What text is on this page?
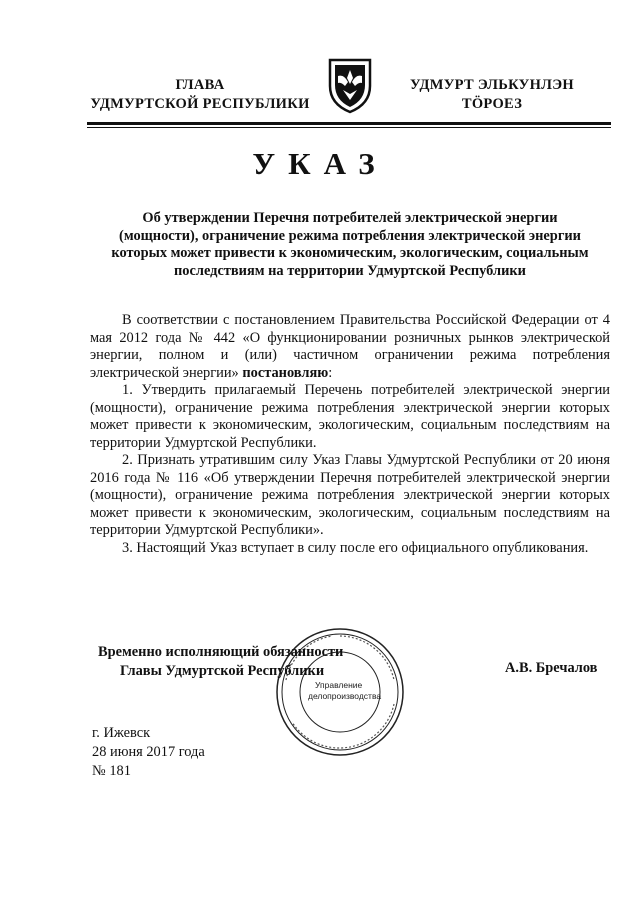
ГЛАВА
УДМУРТСКОЙ РЕСПУБЛИКИ
УДМУРТ ЭЛЬКУНЛЭН
ТӦРОЕЗ
УКАЗ
Об утверждении Перечня потребителей электрической энергии (мощности), ограничение режима потребления электрической энергии которых может привести к экономическим, экологическим, социальным последствиям на территории Удмуртской Республики

В соответствии с постановлением Правительства Российской Федерации от 4 мая 2012 года № 442 «О функционировании розничных рынков электрической энергии, полном и (или) частичном ограничении режима потребления электрической энергии» постановляю:

1. Утвердить прилагаемый Перечень потребителей электрической энергии (мощности), ограничение режима потребления электрической энергии которых может привести к экономическим, экологическим, социальным последствиям на территории Удмуртской Республики.

2. Признать утратившим силу Указ Главы Удмуртской Республики от 20 июня 2016 года № 116 «Об утверждении Перечня потребителей электрической энергии (мощности), ограничение режима потребления электрической энергии которых может привести к экономическим, экологическим, социальным последствиям на территории Удмуртской Республики».

3. Настоящий Указ вступает в силу после его официального опубликования.

Управление
делопроизводства
Временно исполняющий обязанности
Главы Удмуртской Республики	А.В. Бречалов
г. Ижевск
28 июня 2017 года
№ 181
